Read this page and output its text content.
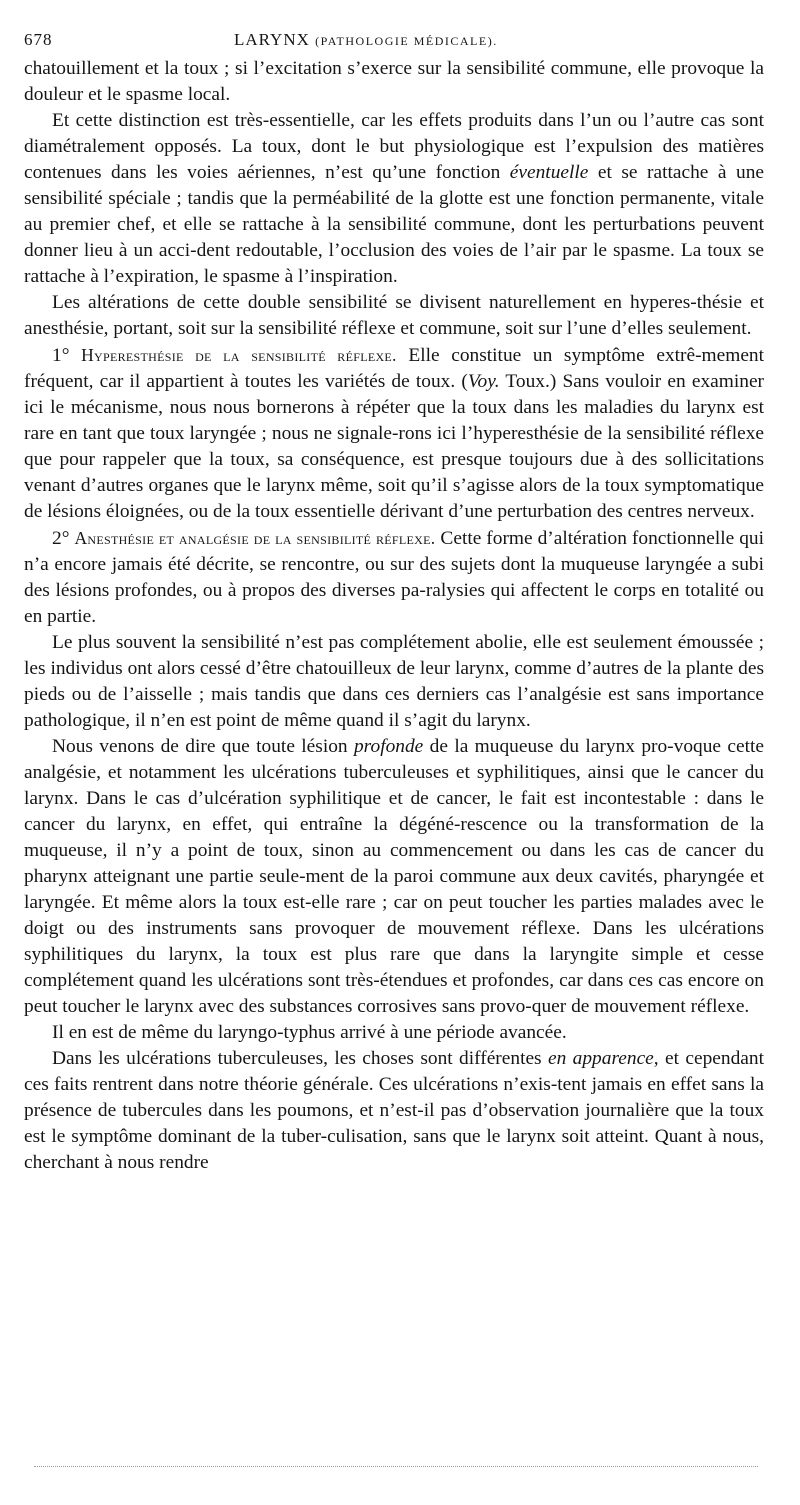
678	LARYNX (PATHOLOGIE MÉDICALE).

chatouillement et la toux ; si l’excitation s’exerce sur la sensibilité commune, elle provoque la douleur et le spasme local.

Et cette distinction est très-essentielle, car les effets produits dans l’un ou l’autre cas sont diamétralement opposés. La toux, dont le but physiologique est l’expulsion des matières contenues dans les voies aériennes, n’est qu’une fonction éventuelle et se rattache à une sensibilité spéciale ; tandis que la perméabilité de la glotte est une fonction permanente, vitale au premier chef, et elle se rattache à la sensibilité commune, dont les perturbations peuvent donner lieu à un acci-dent redoutable, l’occlusion des voies de l’air par le spasme. La toux se rattache à l’expiration, le spasme à l’inspiration.

Les altérations de cette double sensibilité se divisent naturellement en hyperes-thésie et anesthésie, portant, soit sur la sensibilité réflexe et commune, soit sur l’une d’elles seulement.

1° Hyperesthésie de la sensibilité réflexe. Elle constitue un symptôme extrê-mement fréquent, car il appartient à toutes les variétés de toux. (Voy. Toux.) Sans vouloir en examiner ici le mécanisme, nous nous bornerons à répéter que la toux dans les maladies du larynx est rare en tant que toux laryngée ; nous ne signale-rons ici l’hyperesthésie de la sensibilité réflexe que pour rappeler que la toux, sa conséquence, est presque toujours due à des sollicitations venant d’autres organes que le larynx même, soit qu’il s’agisse alors de la toux symptomatique de lésions éloignées, ou de la toux essentielle dérivant d’une perturbation des centres nerveux.

2° Anesthésie et analgésie de la sensibilité réflexe. Cette forme d’altération fonctionnelle qui n’a encore jamais été décrite, se rencontre, ou sur des sujets dont la muqueuse laryngée a subi des lésions profondes, ou à propos des diverses pa-ralysies qui affectent le corps en totalité ou en partie.

Le plus souvent la sensibilité n’est pas complétement abolie, elle est seulement émoussée ; les individus ont alors cessé d’être chatouilleux de leur larynx, comme d’autres de la plante des pieds ou de l’aisselle ; mais tandis que dans ces derniers cas l’analgésie est sans importance pathologique, il n’en est point de même quand il s’agit du larynx.

Nous venons de dire que toute lésion profonde de la muqueuse du larynx pro-voque cette analgésie, et notamment les ulcérations tuberculeuses et syphilitiques, ainsi que le cancer du larynx. Dans le cas d’ulcération syphilitique et de cancer, le fait est incontestable : dans le cancer du larynx, en effet, qui entraîne la dégéné-rescence ou la transformation de la muqueuse, il n’y a point de toux, sinon au commencement ou dans les cas de cancer du pharynx atteignant une partie seule-ment de la paroi commune aux deux cavités, pharyngée et laryngée. Et même alors la toux est-elle rare ; car on peut toucher les parties malades avec le doigt ou des instruments sans provoquer de mouvement réflexe. Dans les ulcérations syphilitiques du larynx, la toux est plus rare que dans la laryngite simple et cesse complétement quand les ulcérations sont très-étendues et profondes, car dans ces cas encore on peut toucher le larynx avec des substances corrosives sans provo-quer de mouvement réflexe.

Il en est de même du laryngo-typhus arrivé à une période avancée.

Dans les ulcérations tuberculeuses, les choses sont différentes en apparence, et cependant ces faits rentrent dans notre théorie générale. Ces ulcérations n’exis-tent jamais en effet sans la présence de tubercules dans les poumons, et n’est-il pas d’observation journalière que la toux est le symptôme dominant de la tuber-culisation, sans que le larynx soit atteint. Quant à nous, cherchant à nous rendre
